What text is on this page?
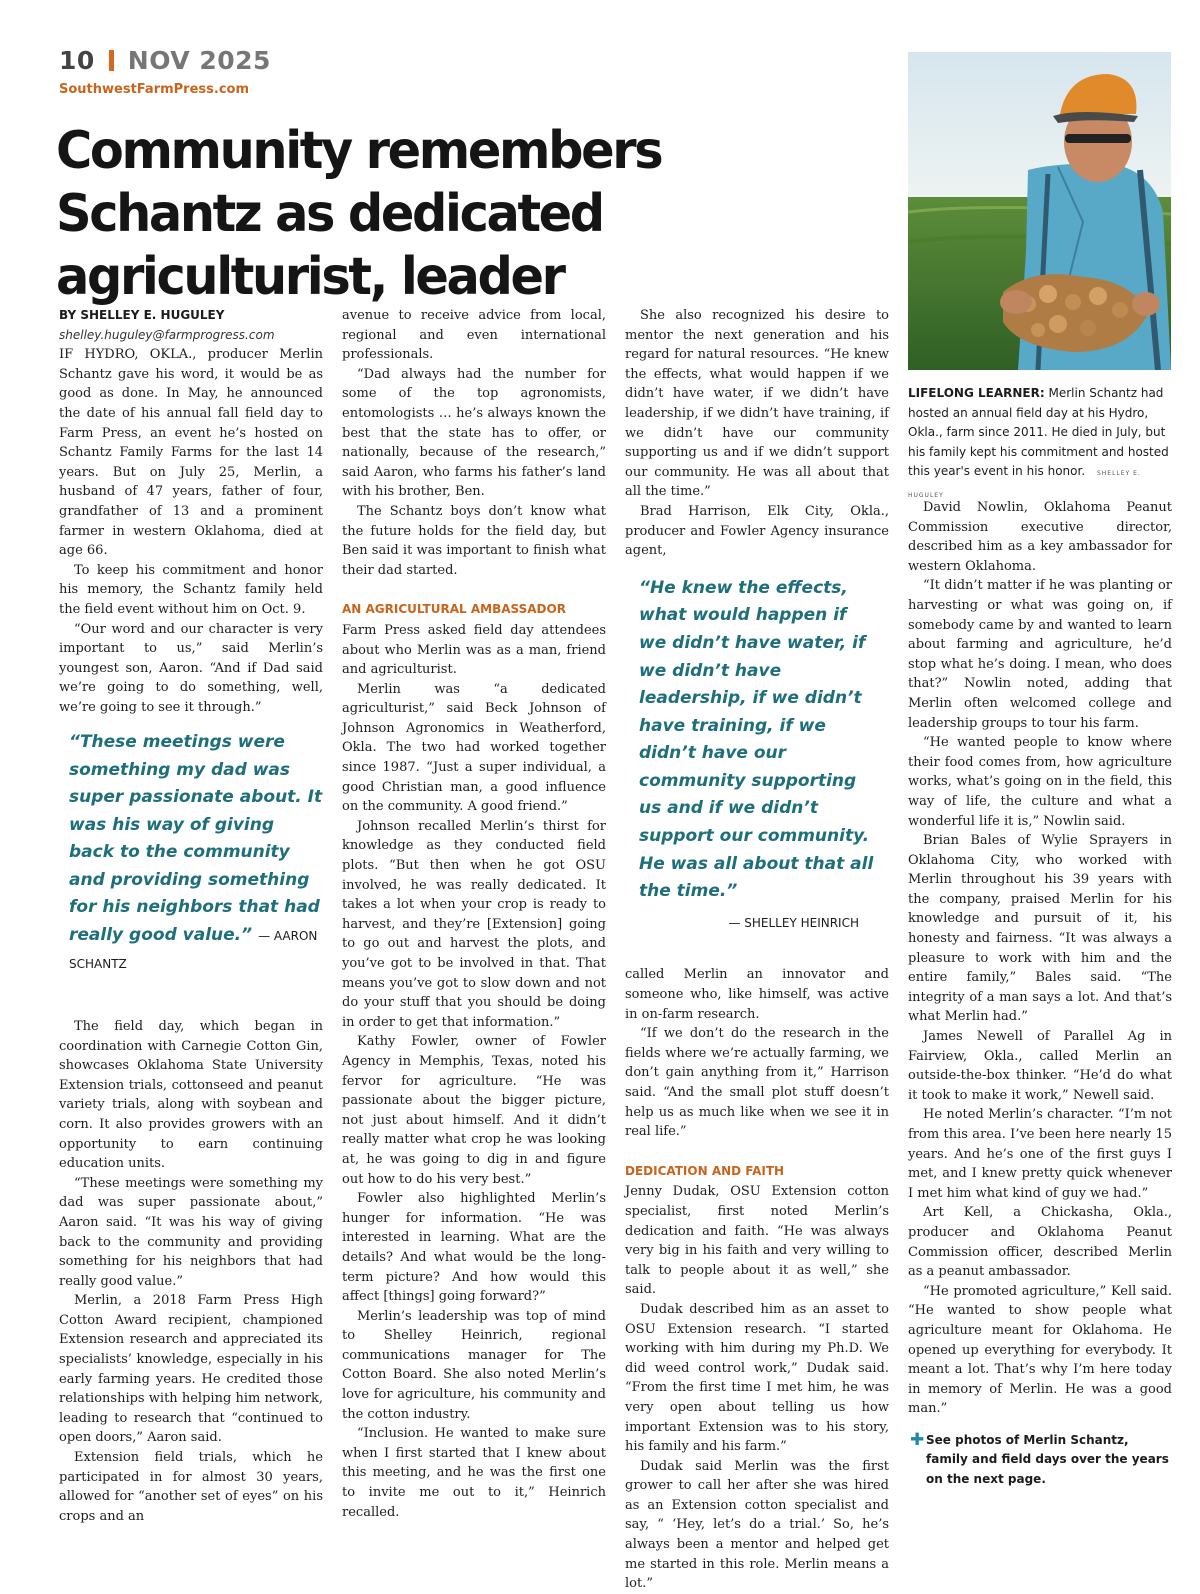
10 NOV 2025
SouthwestFarmPress.com
Community remembers Schantz as dedicated agriculturist, leader

BY SHELLEY E. HUGULEY

shelley.huguley@farmprogress.com

IF HYDRO, OKLA., producer Merlin Schantz gave his word, it would be as good as done. In May, he announced the date of his annual fall field day to Farm Press, an event he’s hosted on Schantz Family Farms for the last 14 years. But on July 25, Merlin, a husband of 47 years, father of four, grandfather of 13 and a prominent farmer in western Oklahoma, died at age 66.

To keep his commitment and honor his memory, the Schantz family held the field event without him on Oct. 9.

“Our word and our character is very important to us,” said Merlin’s youngest son, Aaron. “And if Dad said we’re going to do something, well, we’re going to see it through.”

“These meetings were something my dad was super passionate about. It was his way of giving back to the community and providing something for his neighbors that had really good value.” — AARON SCHANTZ

The field day, which began in coordination with Carnegie Cotton Gin, showcases Oklahoma State University Extension trials, cottonseed and peanut variety trials, along with soybean and corn. It also provides growers with an opportunity to earn continuing education units.

“These meetings were something my dad was super passionate about,” Aaron said. “It was his way of giving back to the community and providing something for his neighbors that had really good value.”

Merlin, a 2018 Farm Press High Cotton Award recipient, championed Extension research and appreciated its specialists’ knowledge, especially in his early farming years. He credited those relationships with helping him network, leading to research that “continued to open doors,” Aaron said.

Extension field trials, which he participated in for almost 30 years, allowed for “another set of eyes” on his crops and an

avenue to receive advice from local, regional and even international professionals.

“Dad always had the number for some of the top agronomists, entomologists … he’s always known the best that the state has to offer, or nationally, because of the research,” said Aaron, who farms his father’s land with his brother, Ben.

The Schantz boys don’t know what the future holds for the field day, but Ben said it was important to finish what their dad started.

AN AGRICULTURAL AMBASSADOR

Farm Press asked field day attendees about who Merlin was as a man, friend and agriculturist.

Merlin was “a dedicated agriculturist,” said Beck Johnson of Johnson Agronomics in Weatherford, Okla. The two had worked together since 1987. “Just a super individual, a good Christian man, a good influence on the community. A good friend.”

Johnson recalled Merlin’s thirst for knowledge as they conducted field plots. “But then when he got OSU involved, he was really dedicated. It takes a lot when your crop is ready to harvest, and they’re [Extension] going to go out and harvest the plots, and you’ve got to be involved in that. That means you’ve got to slow down and not do your stuff that you should be doing in order to get that information.”

Kathy Fowler, owner of Fowler Agency in Memphis, Texas, noted his fervor for agriculture. “He was passionate about the bigger picture, not just about himself. And it didn’t really matter what crop he was looking at, he was going to dig in and figure out how to do his very best.”

Fowler also highlighted Merlin’s hunger for information. “He was interested in learning. What are the details? And what would be the long-term picture? And how would this affect [things] going forward?”

Merlin’s leadership was top of mind to Shelley Heinrich, regional communications manager for The Cotton Board. She also noted Merlin’s love for agriculture, his community and the cotton industry.

“Inclusion. He wanted to make sure when I first started that I knew about this meeting, and he was the first one to invite me out to it,” Heinrich recalled.

She also recognized his desire to mentor the next generation and his regard for natural resources. “He knew the effects, what would happen if we didn’t have water, if we didn’t have leadership, if we didn’t have training, if we didn’t have our community supporting us and if we didn’t support our community. He was all about that all the time.”

Brad Harrison, Elk City, Okla., producer and Fowler Agency insurance agent,

“He knew the effects, what would happen if we didn’t have water, if we didn’t have leadership, if we didn’t have training, if we didn’t have our community supporting us and if we didn’t support our community. He was all about that all the time.”
— SHELLEY HEINRICH

called Merlin an innovator and someone who, like himself, was active in on-farm research.

“If we don’t do the research in the fields where we’re actually farming, we don’t gain anything from it,” Harrison said. “And the small plot stuff doesn’t help us as much like when we see it in real life.”

DEDICATION AND FAITH

Jenny Dudak, OSU Extension cotton specialist, first noted Merlin’s dedication and faith. “He was always very big in his faith and very willing to talk to people about it as well,” she said.

Dudak described him as an asset to OSU Extension research. “I started working with him during my Ph.D. We did weed control work,” Dudak said. “From the first time I met him, he was very open about telling us how important Extension was to his story, his family and his farm.”

Dudak said Merlin was the first grower to call her after she was hired as an Extension cotton specialist and say, “ ‘Hey, let’s do a trial.’ So, he’s always been a mentor and helped get me started in this role. Merlin means a lot.”

LIFELONG LEARNER: Merlin Schantz had hosted an annual field day at his Hydro, Okla., farm since 2011. He died in July, but his family kept his commitment and hosted this year's event in his honor. SHELLEY E. HUGULEY

David Nowlin, Oklahoma Peanut Commission executive director, described him as a key ambassador for western Oklahoma.

“It didn’t matter if he was planting or harvesting or what was going on, if somebody came by and wanted to learn about farming and agriculture, he’d stop what he’s doing. I mean, who does that?” Nowlin noted, adding that Merlin often welcomed college and leadership groups to tour his farm.

“He wanted people to know where their food comes from, how agriculture works, what’s going on in the field, this way of life, the culture and what a wonderful life it is,” Nowlin said.

Brian Bales of Wylie Sprayers in Oklahoma City, who worked with Merlin throughout his 39 years with the company, praised Merlin for his knowledge and pursuit of it, his honesty and fairness. “It was always a pleasure to work with him and the entire family,” Bales said. “The integrity of a man says a lot. And that’s what Merlin had.”

James Newell of Parallel Ag in Fairview, Okla., called Merlin an outside-the-box thinker. “He’d do what it took to make it work,” Newell said.

He noted Merlin’s character. “I’m not from this area. I’ve been here nearly 15 years. And he’s one of the first guys I met, and I knew pretty quick whenever I met him what kind of guy we had.”

Art Kell, a Chickasha, Okla., producer and Oklahoma Peanut Commission officer, described Merlin as a peanut ambassador.

“He promoted agriculture,” Kell said. “He wanted to show people what agriculture meant for Oklahoma. He opened up everything for everybody. It meant a lot. That’s why I’m here today in memory of Merlin. He was a good man.”

✚ See photos of Merlin Schantz, family and field days over the years on the next page.
